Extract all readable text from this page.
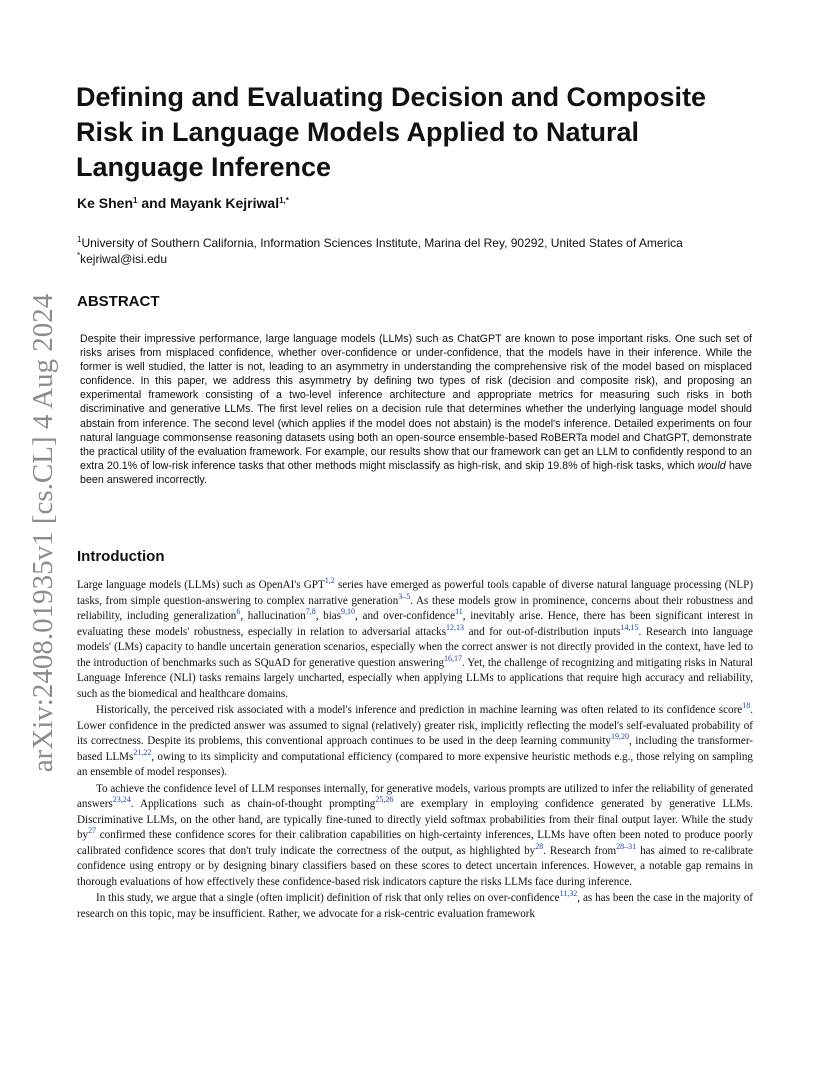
arXiv:2408.01935v1 [cs.CL] 4 Aug 2024
Defining and Evaluating Decision and Composite Risk in Language Models Applied to Natural Language Inference
Ke Shen$^1$ and Mayank Kejriwal$^{1,*}$
$^1$University of Southern California, Information Sciences Institute, Marina del Rey, 90292, United States of America
*kejriwal@isi.edu
ABSTRACT
Despite their impressive performance, large language models (LLMs) such as ChatGPT are known to pose important risks. One such set of risks arises from misplaced confidence, whether over-confidence or under-confidence, that the models have in their inference. While the former is well studied, the latter is not, leading to an asymmetry in understanding the comprehensive risk of the model based on misplaced confidence. In this paper, we address this asymmetry by defining two types of risk (decision and composite risk), and proposing an experimental framework consisting of a two-level inference architecture and appropriate metrics for measuring such risks in both discriminative and generative LLMs. The first level relies on a decision rule that determines whether the underlying language model should abstain from inference. The second level (which applies if the model does not abstain) is the model's inference. Detailed experiments on four natural language commonsense reasoning datasets using both an open-source ensemble-based RoBERTa model and ChatGPT, demonstrate the practical utility of the evaluation framework. For example, our results show that our framework can get an LLM to confidently respond to an extra 20.1% of low-risk inference tasks that other methods might misclassify as high-risk, and skip 19.8% of high-risk tasks, which would have been answered incorrectly.
Introduction

Large language models (LLMs) such as OpenAI's GPT$^{1,2}$ series have emerged as powerful tools capable of diverse natural language processing (NLP) tasks, from simple question-answering to complex narrative generation$^{3-5}$. As these models grow in prominence, concerns about their robustness and reliability, including generalization$^6$, hallucination$^{7,8}$, bias$^{9,10}$, and over-confidence$^{11}$, inevitably arise. Hence, there has been significant interest in evaluating these models' robustness, especially in relation to adversarial attacks$^{12,13}$ and for out-of-distribution inputs$^{14,15}$. Research into language models' (LMs) capacity to handle uncertain generation scenarios, especially when the correct answer is not directly provided in the context, have led to the introduction of benchmarks such as SQuAD for generative question answering$^{16,17}$. Yet, the challenge of recognizing and mitigating risks in Natural Language Inference (NLI) tasks remains largely uncharted, especially when applying LLMs to applications that require high accuracy and reliability, such as the biomedical and healthcare domains.

Historically, the perceived risk associated with a model's inference and prediction in machine learning was often related to its confidence score$^{18}$. Lower confidence in the predicted answer was assumed to signal (relatively) greater risk, implicitly reflecting the model's self-evaluated probability of its correctness. Despite its problems, this conventional approach continues to be used in the deep learning community$^{19,20}$, including the transformer-based LLMs$^{21,22}$, owing to its simplicity and computational efficiency (compared to more expensive heuristic methods e.g., those relying on sampling an ensemble of model responses).

To achieve the confidence level of LLM responses internally, for generative models, various prompts are utilized to infer the reliability of generated answers$^{23,24}$. Applications such as chain-of-thought prompting$^{25,26}$ are exemplary in employing confidence generated by generative LLMs. Discriminative LLMs, on the other hand, are typically fine-tuned to directly yield softmax probabilities from their final output layer. While the study by$^{27}$ confirmed these confidence scores for their calibration capabilities on high-certainty inferences, LLMs have often been noted to produce poorly calibrated confidence scores that don't truly indicate the correctness of the output, as highlighted by$^{28}$. Research from$^{28-31}$ has aimed to re-calibrate confidence using entropy or by designing binary classifiers based on these scores to detect uncertain inferences. However, a notable gap remains in thorough evaluations of how effectively these confidence-based risk indicators capture the risks LLMs face during inference.

In this study, we argue that a single (often implicit) definition of risk that only relies on over-confidence$^{11,32}$, as has been the case in the majority of research on this topic, may be insufficient. Rather, we advocate for a risk-centric evaluation framework
